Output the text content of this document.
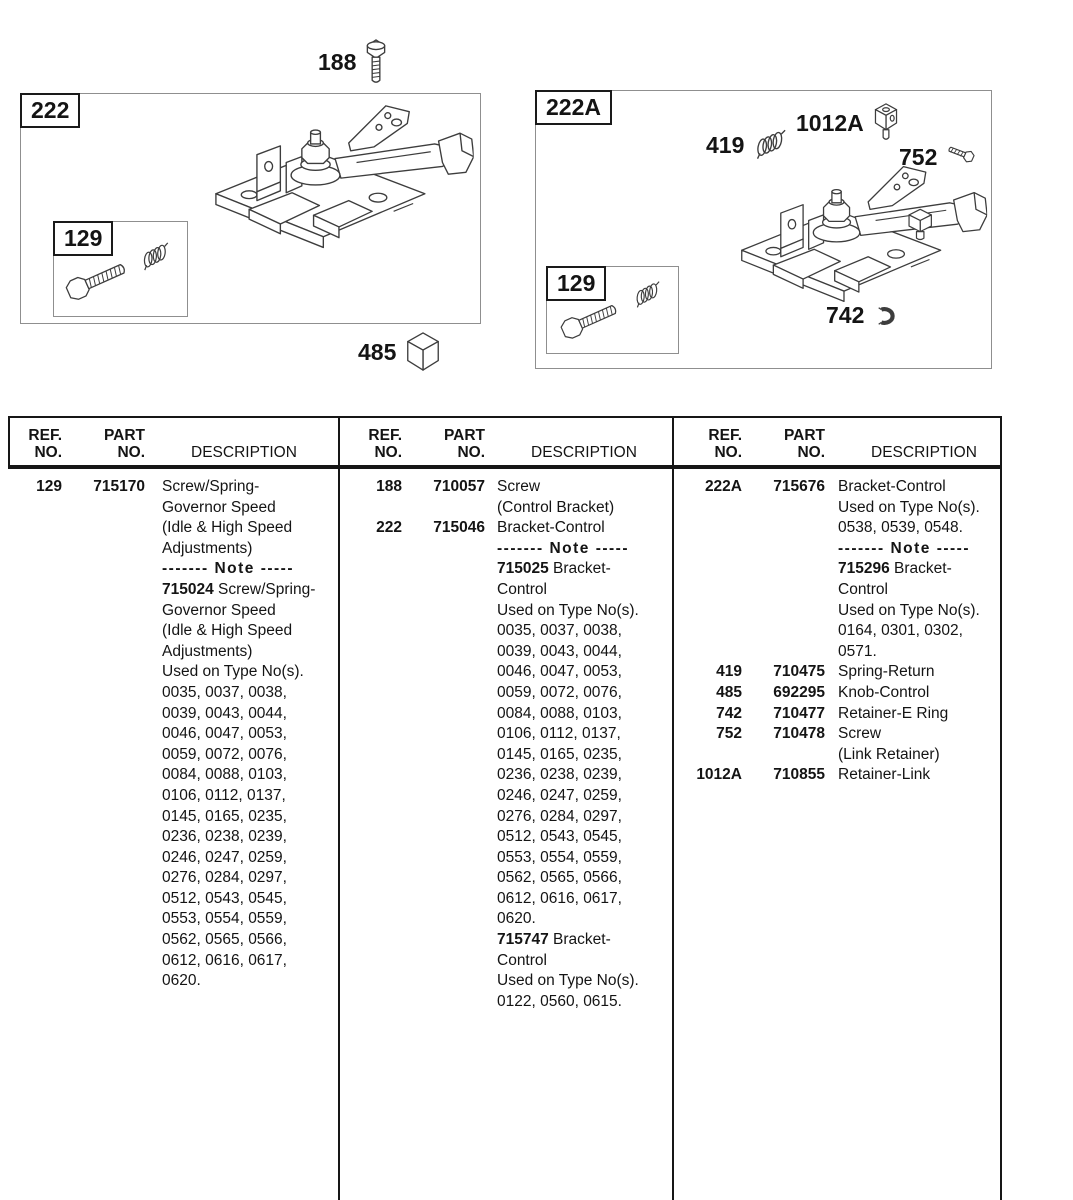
188
222
129
485
222A
1012A
419	752
742
129
REF.
NO.
PART
NO.	DESCRIPTION
129	715170	Screw/Spring-
Governor Speed
(Idle & High Speed
Adjustments)
------- Note -----
715024 Screw/Spring-
Governor Speed
(Idle & High Speed
Adjustments)
Used on Type No(s).
0035, 0037, 0038,
0039, 0043, 0044,
0046, 0047, 0053,
0059, 0072, 0076,
0084, 0088, 0103,
0106, 0112, 0137,
0145, 0165, 0235,
0236, 0238, 0239,
0246, 0247, 0259,
0276, 0284, 0297,
0512, 0543, 0545,
0553, 0554, 0559,
0562, 0565, 0566,
0612, 0616, 0617,
0620.

REF.
NO.
PART
NO.	DESCRIPTION
188	710057 Screw
(Control Bracket)

222	715046 Bracket-Control
------- Note -----
715025 Bracket-
Control
Used on Type No(s).
0035, 0037, 0038,
0039, 0043, 0044,
0046, 0047, 0053,
0059, 0072, 0076,
0084, 0088, 0103,
0106, 0112, 0137,
0145, 0165, 0235,
0236, 0238, 0239,
0246, 0247, 0259,
0276, 0284, 0297,
0512, 0543, 0545,
0553, 0554, 0559,
0562, 0565, 0566,
0612, 0616, 0617,
0620.
715747 Bracket-
Control
Used on Type No(s).
0122, 0560, 0615.

REF.
NO.
PART
NO.	DESCRIPTION
222A	715676 Bracket-Control
Used on Type No(s).
0538, 0539, 0548.
------- Note -----
715296 Bracket-
Control
Used on Type No(s).
0164, 0301, 0302,
0571.

419	710475 Spring-Return

485	692295 Knob-Control

742	710477 Retainer-E Ring

752	710478 Screw
(Link Retainer)

1012A	710855 Retainer-Link
